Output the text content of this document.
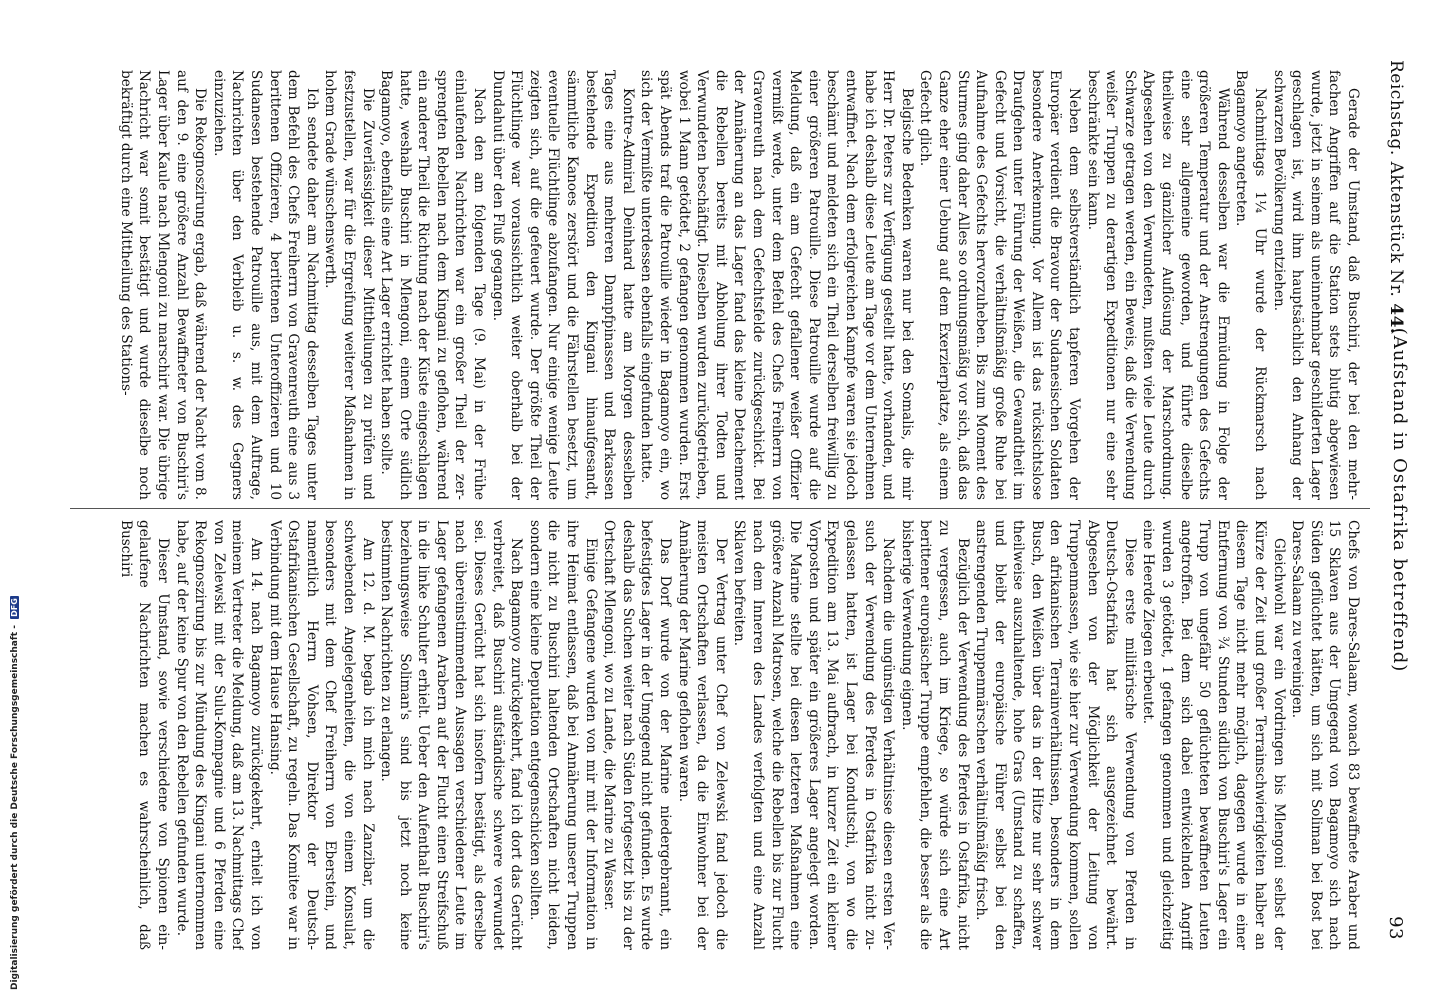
Digitalisierung gefördert durch die Deutsche Forschungsgemeinschaft - DFG
Reichstag. Aktenstück Nr. 44.
(Aufstand in Ostafrika betreffend)
93

Gerade der Umstand, daß Buschiri, der bei den mehrfachen Angriffen auf die Station stets blutig abgewiesen wurde, jetzt in seinem als uneinnehmbar geschilderten Lager geschlagen ist, wird ihm hauptsächlich den Anhang der schwarzen Bevölkerung entziehen.

Nachmittags 1¼ Uhr wurde der Rückmarsch nach Bagamoyo angetreten.

Während desselben war die Ermüdung in Folge der größeren Temperatur und der Anstrengungen des Gefechts eine sehr allgemeine geworden, und führte dieselbe theilweise zu gänzlicher Auflösung der Marschordnung. Abgesehen von den Verwundeten, mußten viele Leute durch Schwarze getragen werden, ein Beweis, daß die Verwendung weißer Truppen zu derartigen Expeditionen nur eine sehr beschränkte sein kann.

Neben dem selbstverständlich tapferen Vorgehen der Europäer verdient die Bravour der Sudanesischen Soldaten besondere Anerkennung. Vor Allem ist das rücksichtslose Draufgehen unter Führung der Weißen, die Gewandtheit im Gefecht und Vorsicht, die verhältnißmäßig große Ruhe bei Aufnahme des Gefechts hervorzuheben. Bis zum Moment des Sturmes ging daher Alles so ordnungsmäßig vor sich, daß das Ganze eher einer Uebung auf dem Exerzierplatze, als einem Gefecht glich.

Belgische Bedenken waren nur bei den Somalis, die mir Herr Dr. Peters zur Verfügung gestellt hatte, vorhanden, und habe ich deshalb diese Leute am Tage vor dem Unternehmen entwaffnet. Nach dem erfolgreichen Kampfe waren sie jedoch beschämt und meldeten sich ein Theil derselben freiwillig zu einer größeren Patrouille. Diese Patrouille wurde auf die Meldung, daß ein am Gefecht gefallener weißer Offizier vermißt werde, unter dem Befehl des Chefs Freiherrn von Gravenreuth nach dem Gefechtsfelde zurückgeschickt. Bei der Annäherung an das Lager fand das kleine Detachement die Rebellen bereits mit Abholung ihrer Todten und Verwundeten beschäftigt. Dieselben wurden zurückgetrieben, wobei 1 Mann getödtet, 2 gefangen genommen wurden. Erst spät Abends traf die Patrouille wieder in Bagamoyo ein, wo sich der Vermißte unterdessen ebenfalls eingefunden hatte.

Kontre-Admiral Deinhard hatte am Morgen desselben Tages eine aus mehreren Dampfpinassen und Barkassen bestehende Expedition den Kingani hinaufgesandt, sämmtliche Kanoes zerstört und die Fährstellen besetzt, um eventuelle Flüchtlinge abzufangen. Nur einige wenige Leute zeigten sich, auf die gefeuert wurde. Der größte Theil der Flüchtlinge war voraussichtlich weiter oberhalb bei der Dundahuti über den Fluß gegangen.

Nach den am folgenden Tage (9. Mai) in der Frühe einlaufenden Nachrichten war ein großer Theil der zersprengten Rebellen nach dem Kingani zu geflohen, während ein anderer Theil die Richtung nach der Küste eingeschlagen hatte, weshalb Buschiri in Mlengoni, einem Orte südlich Bagamoyo, ebenfalls eine Art Lager errichtet haben sollte.

Die Zuverlässigkeit dieser Mittheilungen zu prüfen und festzustellen, war für die Ergreifung weiterer Maßnahmen in hohem Grade wünschenswerth.

Ich sendete daher am Nachmittag desselben Tages unter dem Befehl des Chefs Freiherrn von Gravenreuth eine aus 3 berittenen Offizieren, 4 berittenen Unteroffizieren und 10 Sudanesen bestehende Patrouille aus, mit dem Auftrage, Nachrichten über den Verbleib u. s. w. des Gegners einzuziehen.

Die Rekognoszirung ergab, daß während der Nacht vom 8. auf den 9. eine größere Anzahl Bewaffneter von Buschiri's Lager über Kaule nach Mlengoni zu marschirt war. Die übrige Nachricht war somit bestätigt und wurde dieselbe noch bekräftigt durch eine Mittheilung des Stations-

Chefs von Dares-Salaam, wonach 83 bewaffnete Araber und 15 Sklaven aus der Umgegend von Bagamoyo sich nach Süden geflüchtet hätten, um sich mit Soliman bei Bost bei Dares-Salaam zu vereinigen.

Gleichwohl war ein Vordringen bis Mlengoni selbst der Kürze der Zeit und großer Terrainschwierigkeiten halber an diesem Tage nicht mehr möglich, dagegen wurde in einer Entfernung von ¾ Stunden südlich von Buschiri's Lager ein Trupp von ungefähr 50 geflüchteten bewaffneten Leuten angetroffen. Bei dem sich dabei entwickelnden Angriff wurden 3 getödtet, 1 gefangen genommen und gleichzeitig eine Heerde Ziegen erbeutet.

Diese erste militärische Verwendung von Pferden in Deutsch-Ostafrika hat sich ausgezeichnet bewährt. Abgesehen von der Möglichkeit der Leitung von Truppenmassen, wie sie hier zur Verwendung kommen, sollen den afrikanischen Terrainverhältnissen, besonders in dem Busch, den Weißen über das in der Hitze nur sehr schwer theilweise auszuhaltende, hohe Gras (Umstand zu schaffen, und bleibt der europäische Führer selbst bei den anstrengenden Truppenmärschen verhältnißmäßig frisch.

Bezüglich der Verwendung des Pferdes in Ostafrika, nicht zu vergessen, auch im Kriege, so würde sich eine Art berittener europäischer Truppe empfehlen, die besser als die bisherige Verwendung eignen.

Nachdem die ungünstigen Verhältnisse diesen ersten Versuch der Verwendung des Pferdes in Ostafrika nicht zugelassen hatten, ist Lager bei Kondutschi, von wo die Expedition am 13. Mai aufbrach, in kurzer Zeit ein kleiner Vorposten und später ein größeres Lager angelegt worden. Die Marine stellte bei diesen letzteren Maßnahmen eine größere Anzahl Matrosen, welche die Rebellen bis zur Flucht nach dem Inneren des Landes verfolgten und eine Anzahl Sklaven befreiten.

Der Vertrag unter Chef von Zelewski fand jedoch die meisten Ortschaften verlassen, da die Einwohner bei der Annäherung der Marine geflohen waren.

Das Dorf wurde von der Marine niedergebrannt, ein befestigtes Lager in der Umgegend nicht gefunden. Es wurde deshalb das Suchen weiter nach Süden fortgesetzt bis zu der Ortschaft Mlengoni, wo zu Lande, die Marine zu Wasser.

Einige Gefangene wurden von mir mit der Information in ihre Heimat entlassen, daß bei Annäherung unserer Truppen die nicht zu Buschiri haltenden Ortschaften nicht leiden, sondern eine kleine Deputation entgegenschicken sollten.

Nach Bagamoyo zurückgekehrt, fand ich dort das Gerücht verbreitet, daß Buschiri aufständische schwere verwundet sei. Dieses Gerücht hat sich insofern bestätigt, als derselbe nach übereinstimmenden Aussagen verschiedener Leute im Lager gefangenen Arabern auf der Flucht einen Streifschuß in die linke Schulter erhielt. Ueber den Aufenthalt Buschiri's beziehungsweise Soliman's sind bis jetzt noch keine bestimmten Nachrichten zu erlangen.

Am 12. d. M. begab ich mich nach Zanzibar, um die schwebenden Angelegenheiten, die von einem Konsulat, besonders mit dem Chef Freiherrn von Eberstein, und namentlich Herrn Vohsen, Direktor der Deutsch-Ostafrikanischen Gesellschaft, zu regeln. Das Komitee war in Verbindung mit dem Hause Hansing.

Am 14. nach Bagamoyo zurückgekehrt, erhielt ich von meinem Vertreter die Meldung, daß am 13. Nachmittags Chef von Zelewski mit der Sulu-Kompagnie und 6 Pferden eine Rekognoszirung bis zur Mündung des Kingani unternommen habe, auf der keine Spur von den Rebellen gefunden wurde.

Dieser Umstand, sowie verschiedene von Spionen eingelaufene Nachrichten machen es wahrscheinlich, daß Buschiri
